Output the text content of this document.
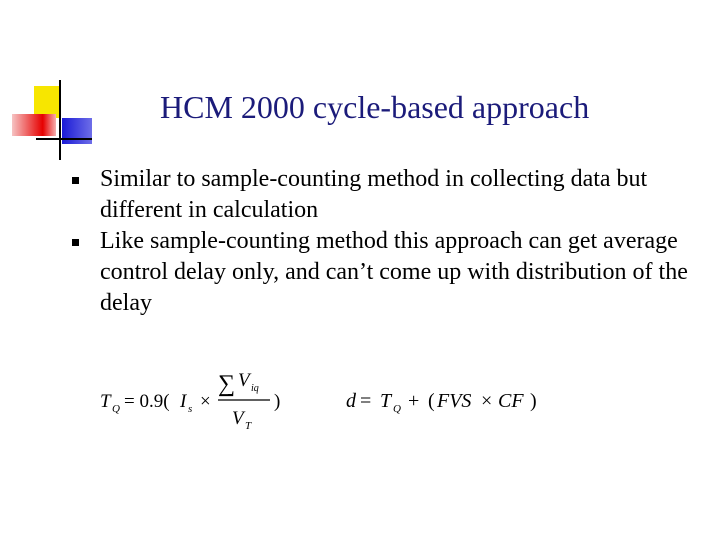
HCM 2000 cycle-based approach
Similar to sample-counting method in collecting data but different in calculation
Like sample-counting method this approach can get average control delay only, and can’t come up with distribution of the delay
T Q = 0.9( I s ×
∑ V iq
V T
)	d = T Q + ( FVS × CF )
